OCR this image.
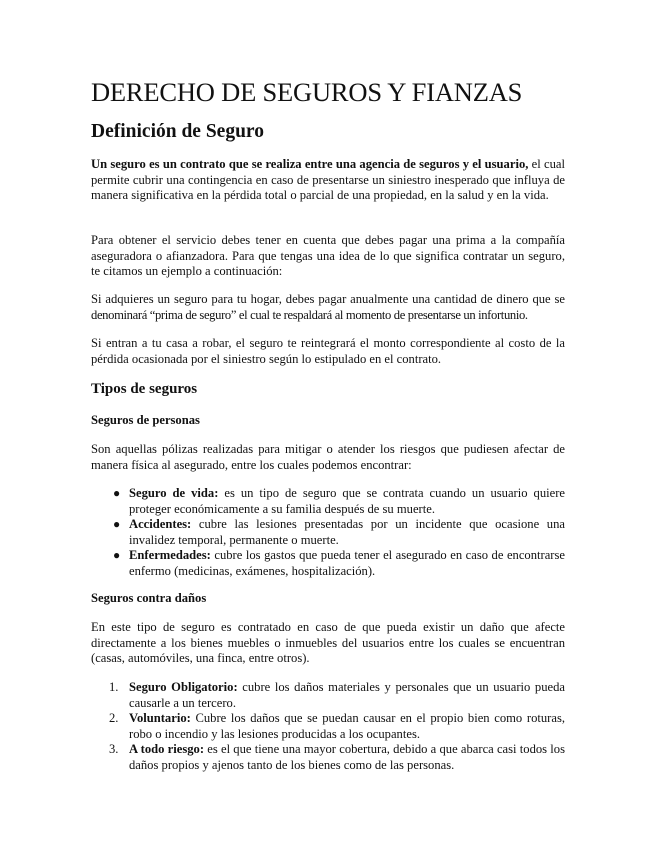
DERECHO DE SEGUROS Y FIANZAS
Definición de Seguro

Un seguro es un contrato que se realiza entre una agencia de seguros y el usuario, el cual permite cubrir una contingencia en caso de presentarse un siniestro inesperado que influya de manera significativa en la pérdida total o parcial de una propiedad, en la salud y en la vida.

Para obtener el servicio debes tener en cuenta que debes pagar una prima a la compañía aseguradora o afianzadora. Para que tengas una idea de lo que significa contratar un seguro, te citamos un ejemplo a continuación:

Si adquieres un seguro para tu hogar, debes pagar anualmente una cantidad de dinero que se

denominará “prima de seguro” el cual te respaldará al momento de presentarse un infortunio.

Si entran a tu casa a robar, el seguro te reintegrará el monto correspondiente al costo de la pérdida ocasionada por el siniestro según lo estipulado en el contrato.

Tipos de seguros
Seguros de personas

Son aquellas pólizas realizadas para mitigar o atender los riesgos que pudiesen afectar de manera física al asegurado, entre los cuales podemos encontrar:

● Seguro de vida: es un tipo de seguro que se contrata cuando un usuario quiere proteger económicamente a su familia después de su muerte.
● Accidentes: cubre las lesiones presentadas por un incidente que ocasione una invalidez temporal, permanente o muerte.
● Enfermedades: cubre los gastos que pueda tener el asegurado en caso de encontrarse enfermo (medicinas, exámenes, hospitalización).
Seguros contra daños

En este tipo de seguro es contratado en caso de que pueda existir un daño que afecte directamente a los bienes muebles o inmuebles del usuarios entre los cuales se encuentran (casas, automóviles, una finca, entre otros).

1. Seguro Obligatorio: cubre los daños materiales y personales que un usuario pueda causarle a un tercero.
2. Voluntario: Cubre los daños que se puedan causar en el propio bien como roturas, robo o incendio y las lesiones producidas a los ocupantes.
3. A todo riesgo: es el que tiene una mayor cobertura, debido a que abarca casi todos los daños propios y ajenos tanto de los bienes como de las personas.
